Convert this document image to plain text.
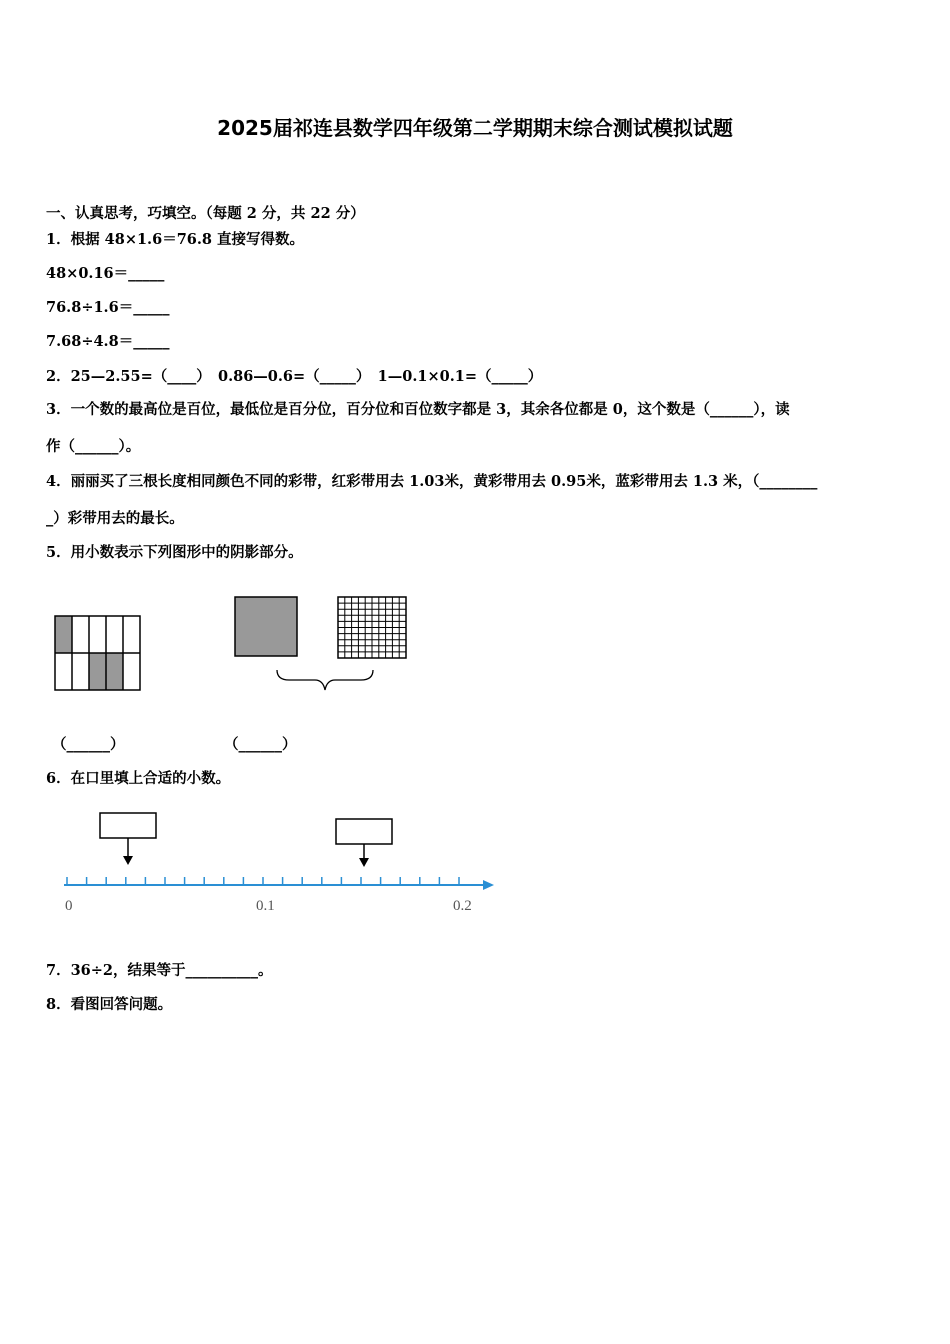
2025届祁连县数学四年级第二学期期末综合测试模拟试题
一、认真思考，巧填空。（每题 2 分，共 22 分）
1．根据 48×1.6＝76.8 直接写得数。
48×0.16＝_____
76.8÷1.6＝_____
7.68÷4.8＝_____
2．25—2.55=（____）　0.86—0.6=（_____）　1—0.1×0.1=（_____）
3．一个数的最高位是百位，最低位是百分位，百分位和百位数字都是 3，其余各位都是 0，这个数是（______），读
作（______）。
4．丽丽买了三根长度相同颜色不同的彩带，红彩带用去 1.03米，黄彩带用去 0.95米，蓝彩带用去 1.3 米，（________
_）彩带用去的最长。
5．用小数表示下列图形中的阴影部分。
（______）	（______）
6．在口里填上合适的小数。
0	0.1	0.2
7．36÷2，结果等于__________。
8．看图回答问题。
